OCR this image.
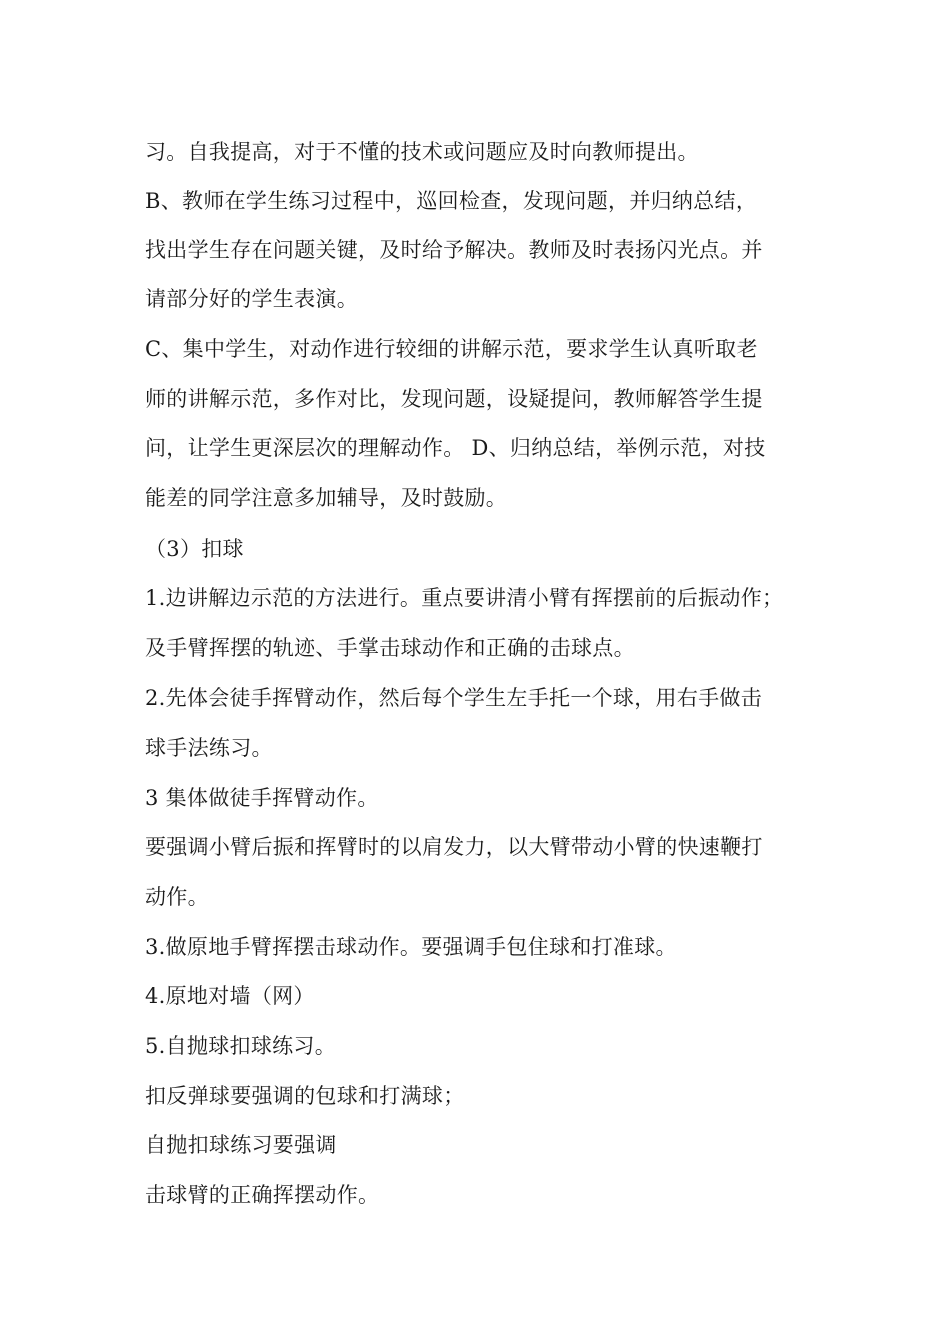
习。自我提高，对于不懂的技术或问题应及时向教师提出。
B、教师在学生练习过程中，巡回检查，发现问题，并归纳总结，
找出学生存在问题关键，及时给予解决。教师及时表扬闪光点。并
请部分好的学生表演。
C、集中学生，对动作进行较细的讲解示范，要求学生认真听取老
师的讲解示范，多作对比，发现问题，设疑提问，教师解答学生提
问，让学生更深层次的理解动作。 D、归纳总结，举例示范，对技
能差的同学注意多加辅导，及时鼓励。
（3）扣球
1.边讲解边示范的方法进行。重点要讲清小臂有挥摆前的后振动作；
及手臂挥摆的轨迹、手掌击球动作和正确的击球点。
2.先体会徒手挥臂动作，然后每个学生左手托一个球，用右手做击
球手法练习。
3 集体做徒手挥臂动作。
要强调小臂后振和挥臂时的以肩发力，以大臂带动小臂的快速鞭打
动作。
3.做原地手臂挥摆击球动作。要强调手包住球和打准球。
4.原地对墙（网）
5.自抛球扣球练习。
扣反弹球要强调的包球和打满球；
自抛扣球练习要强调
击球臂的正确挥摆动作。
